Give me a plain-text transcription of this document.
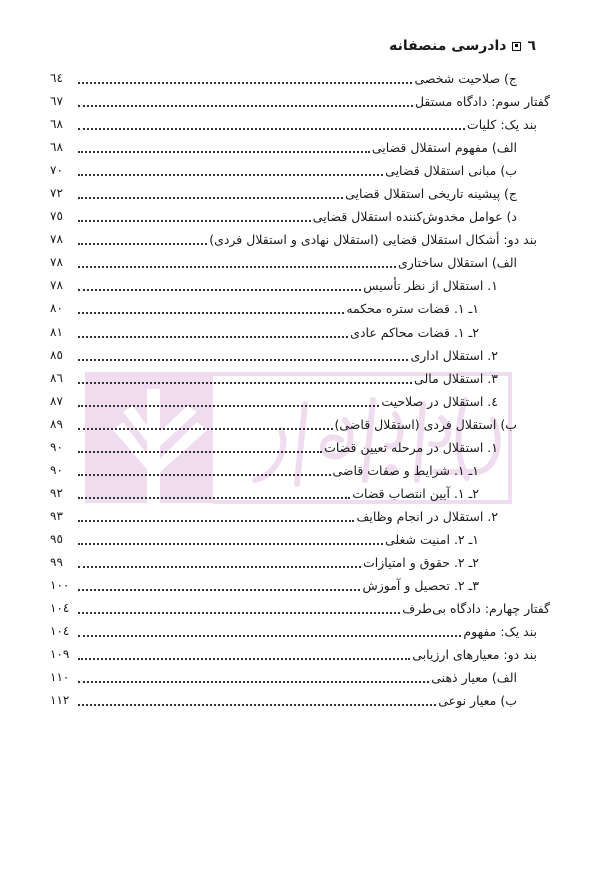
٦
دادرسی منصفانه
ج) صلاحیت شخصی
٦٤
گفتار سوم: دادگاه مستقل
٦٧
بند یک: کلیات
٦٨
الف) مفهوم استقلال قضایی
٦٨
ب) مبانی استقلال قضایی
٧٠
ج) پیشینه تاریخی استقلال قضایی
٧٢
د) عوامل مخدوش‌کننده استقلال قضایی
٧٥
بند دو: أشکال استقلال قضایی (استقلال نهادی و استقلال فردی)
٧٨
الف) استقلال ساختاری
٧٨
١. استقلال از نظر تأسیس
٧٨
١ـ ١. قضات ستره محکمه
٨٠
٢ـ ١. قضات محاکم عادی
٨١
٢. استقلال اداری
٨٥
٣. استقلال مالی
٨٦
٤. استقلال در صلاحیت
٨٧
ب) استقلال فردی (استقلال قاضی)
٨٩
١. استقلال در مرحله تعیین قضات
٩٠
١ـ ١. شرایط و صفات قاضی
٩٠
٢ـ ١. آیین انتصاب قضات
٩٢
٢. استقلال در انجام وظایف
٩٣
١ـ ٢. امنیت شغلی
٩٥
٢ـ ٢. حقوق و امتیازات
٩٩
٣ـ ٢. تحصیل و آموزش
١٠٠
گفتار چهارم: دادگاه بی‌طرف
١٠٤
بند یک: مفهوم
١٠٤
بند دو: معیارهای ارزیابی
١٠٩
الف) معیار ذهنی
١١٠
ب) معیار نوعی
١١٢
